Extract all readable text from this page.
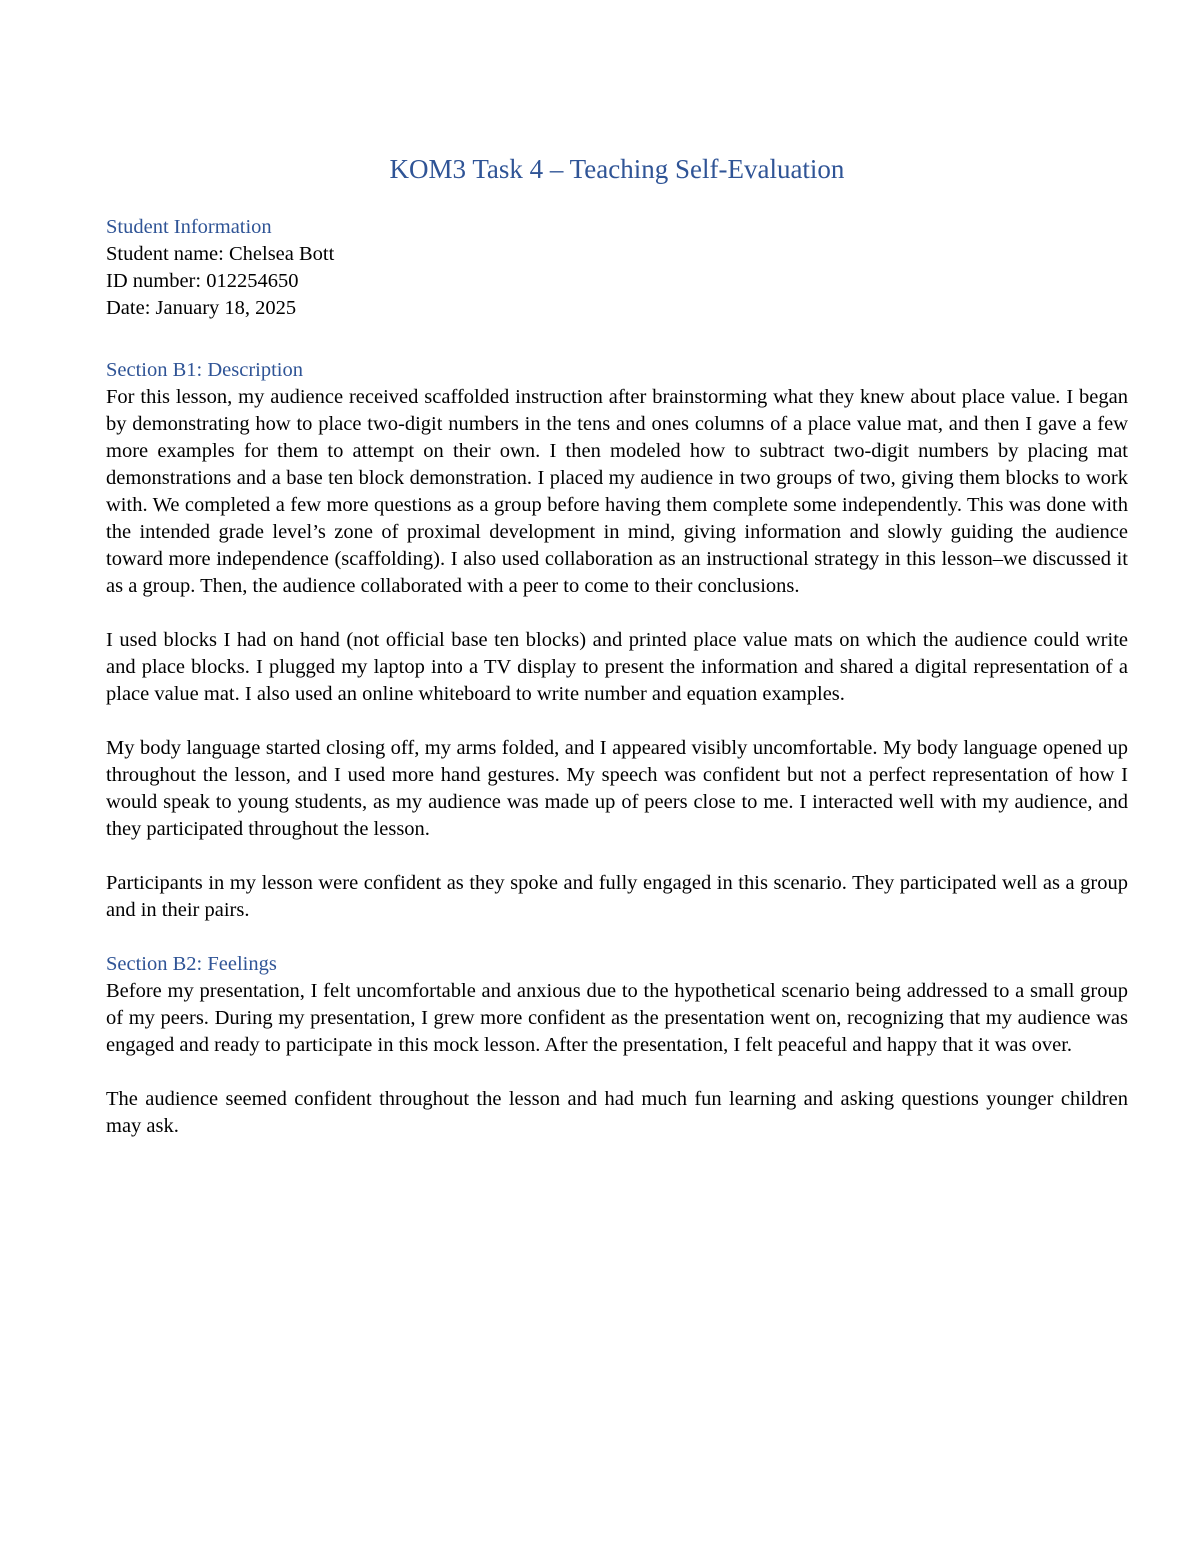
KOM3 Task 4 – Teaching Self-Evaluation

Student Information

Student name: Chelsea Bott

ID number: 012254650

Date: January 18, 2025

Section B1: Description

For this lesson, my audience received scaffolded instruction after brainstorming what they knew about place value. I began by demonstrating how to place two-digit numbers in the tens and ones columns of a place value mat, and then I gave a few more examples for them to attempt on their own. I then modeled how to subtract two-digit numbers by placing mat demonstrations and a base ten block demonstration. I placed my audience in two groups of two, giving them blocks to work with. We completed a few more questions as a group before having them complete some independently. This was done with the intended grade level’s zone of proximal development in mind, giving information and slowly guiding the audience toward more independence (scaffolding). I also used collaboration as an instructional strategy in this lesson–we discussed it as a group. Then, the audience collaborated with a peer to come to their conclusions.

I used blocks I had on hand (not official base ten blocks) and printed place value mats on which the audience could write and place blocks. I plugged my laptop into a TV display to present the information and shared a digital representation of a place value mat. I also used an online whiteboard to write number and equation examples.

My body language started closing off, my arms folded, and I appeared visibly uncomfortable. My body language opened up throughout the lesson, and I used more hand gestures. My speech was confident but not a perfect representation of how I would speak to young students, as my audience was made up of peers close to me. I interacted well with my audience, and they participated throughout the lesson.

Participants in my lesson were confident as they spoke and fully engaged in this scenario. They participated well as a group and in their pairs.

Section B2: Feelings

Before my presentation, I felt uncomfortable and anxious due to the hypothetical scenario being addressed to a small group of my peers. During my presentation, I grew more confident as the presentation went on, recognizing that my audience was engaged and ready to participate in this mock lesson. After the presentation, I felt peaceful and happy that it was over.

The audience seemed confident throughout the lesson and had much fun learning and asking questions younger children may ask.
